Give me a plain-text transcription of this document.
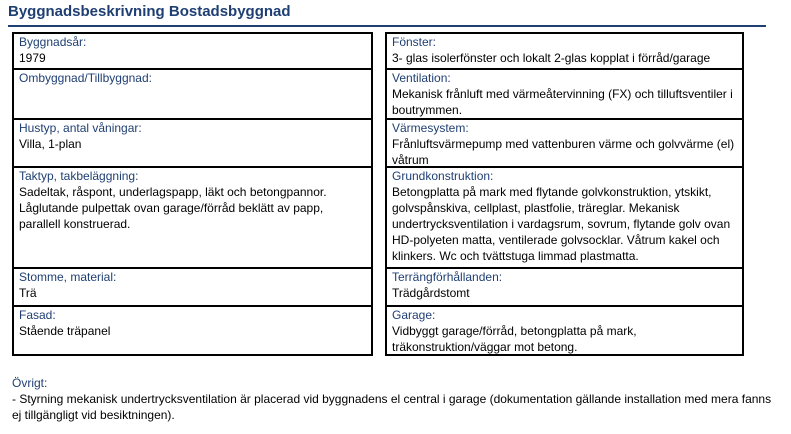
Byggnadsbeskrivning Bostadsbyggnad
Byggnadsår:
1979
Ombyggnad/Tillbyggnad:
Hustyp, antal våningar:
Villa, 1-plan
Taktyp, takbeläggning:
Sadeltak, råspont, underlagspapp, läkt och betongpannor. Låglutande pulpettak ovan garage/förråd beklätt av papp, parallell konstruerad.
Stomme, material:
Trä
Fasad:
Stående träpanel
Fönster:
3- glas isolerfönster och lokalt 2-glas kopplat i förråd/garage
Ventilation:
Mekanisk frånluft med värmeåtervinning (FX) och tilluftsventiler i boutrymmen.
Värmesystem:
Frånluftsvärmepump med vattenburen värme och golvvärme (el) våtrum
Grundkonstruktion:
Betongplatta på mark med flytande golvkonstruktion, ytskikt, golvspånskiva, cellplast, plastfolie, träreglar. Mekanisk undertrycksventilation i vardagsrum, sovrum, flytande golv ovan HD-polyeten matta, ventilerade golvsocklar. Våtrum kakel och klinkers. Wc och tvättstuga limmad plastmatta.
Terrängförhållanden:
Trädgårdstomt
Garage:
Vidbyggt garage/förråd, betongplatta på mark, träkonstruktion/väggar mot betong.
Övrigt:
- Styrning mekanisk undertrycksventilation är placerad vid byggnadens el central i garage (dokumentation gällande installation med mera fanns ej tillgängligt vid besiktningen).
